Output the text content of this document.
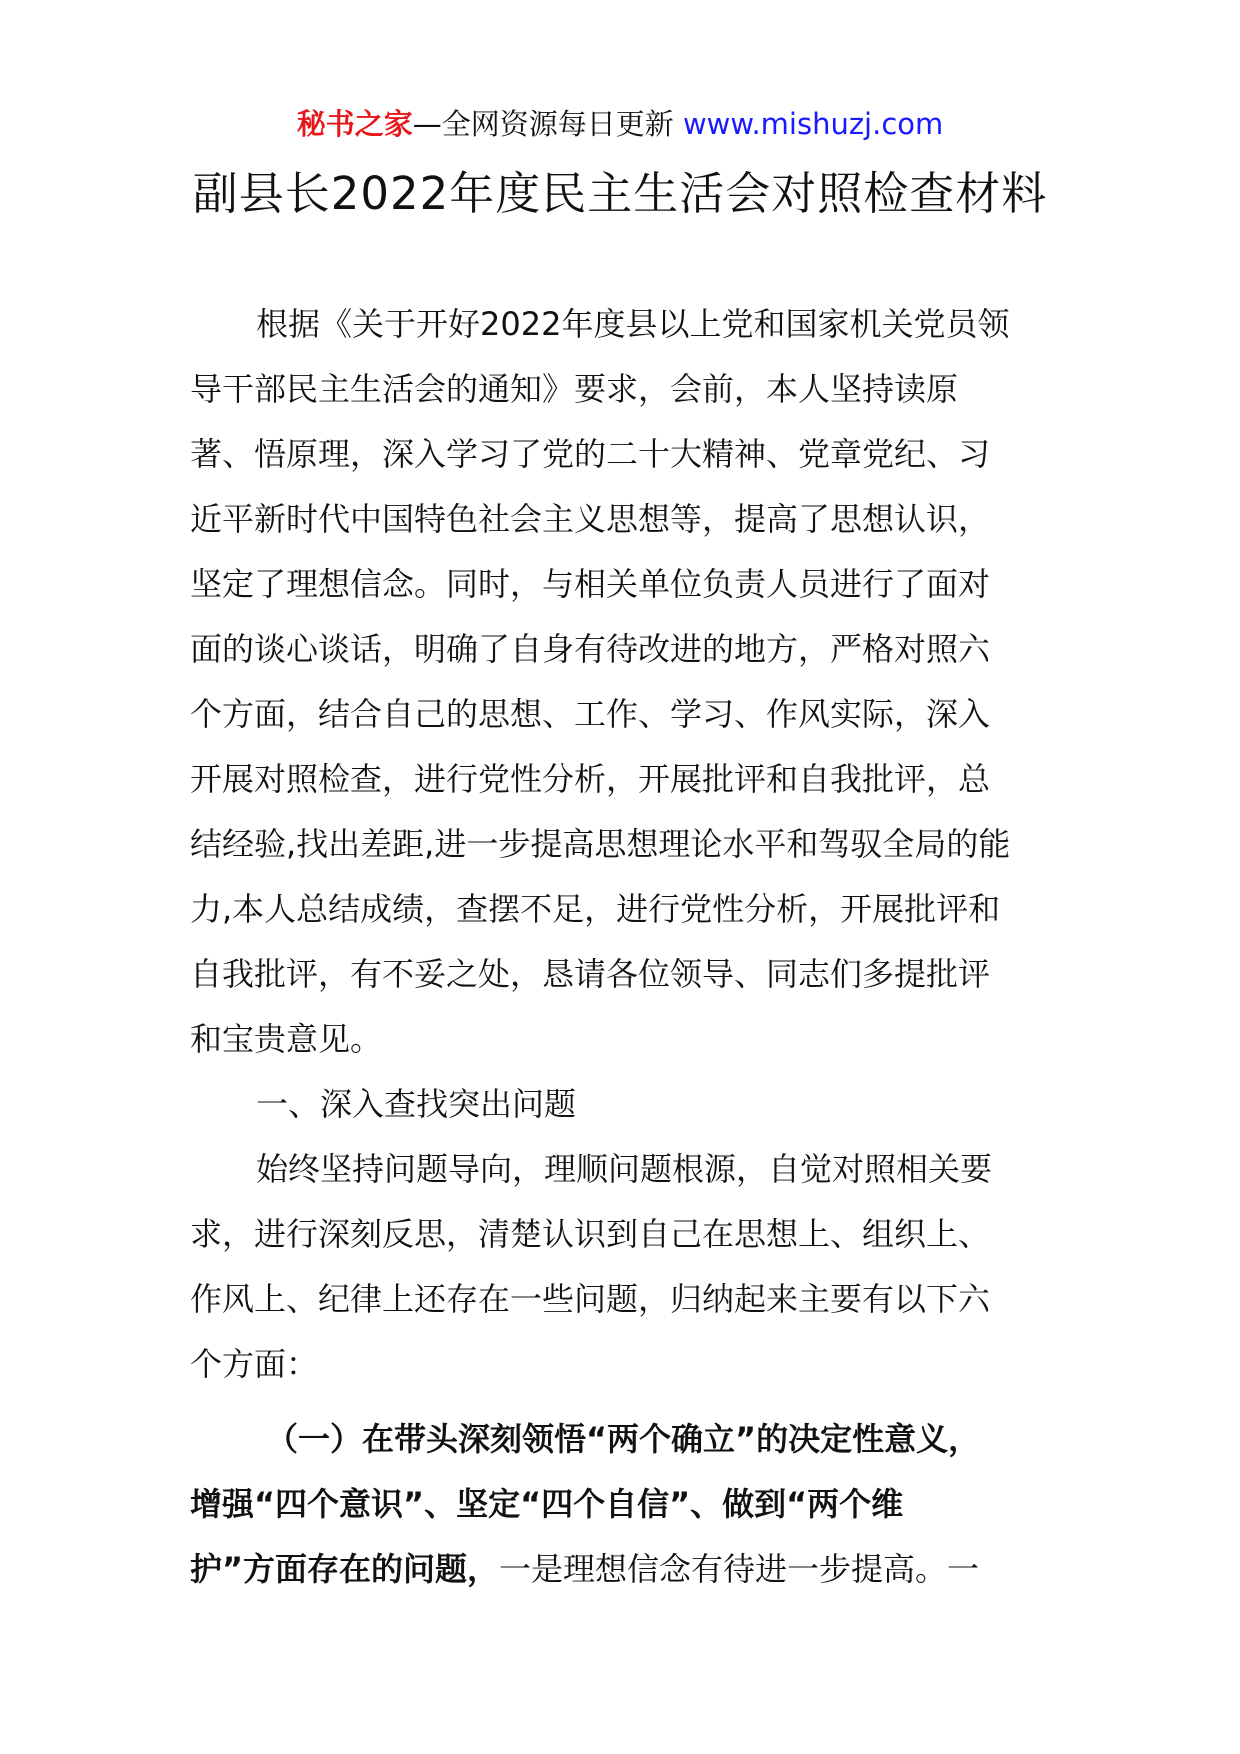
秘书之家—全网资源每日更新 www.mishuzj.com
副县长2022年度民主生活会对照检查材料
根据《关于开好2022年度县以上党和国家机关党员领
导干部民主生活会的通知》要求，会前，本人坚持读原
著、悟原理，深入学习了党的二十大精神、党章党纪、习
近平新时代中国特色社会主义思想等，提高了思想认识，
坚定了理想信念。同时，与相关单位负责人员进行了面对
面的谈心谈话，明确了自身有待改进的地方，严格对照六
个方面，结合自己的思想、工作、学习、作风实际，深入
开展对照检查，进行党性分析，开展批评和自我批评，总
结经验,找出差距,进一步提高思想理论水平和驾驭全局的能
力,本人总结成绩，查摆不足，进行党性分析，开展批评和
自我批评，有不妥之处，恳请各位领导、同志们多提批评
和宝贵意见。
一、深入查找突出问题
始终坚持问题导向，理顺问题根源，自觉对照相关要
求，进行深刻反思，清楚认识到自己在思想上、组织上、
作风上、纪律上还存在一些问题，归纳起来主要有以下六
个方面：
（一）在带头深刻领悟“两个确立”的决定性意义，
增强“四个意识”、坚定“四个自信”、做到“两个维
护”方面存在的问题，一是理想信念有待进一步提高。一
